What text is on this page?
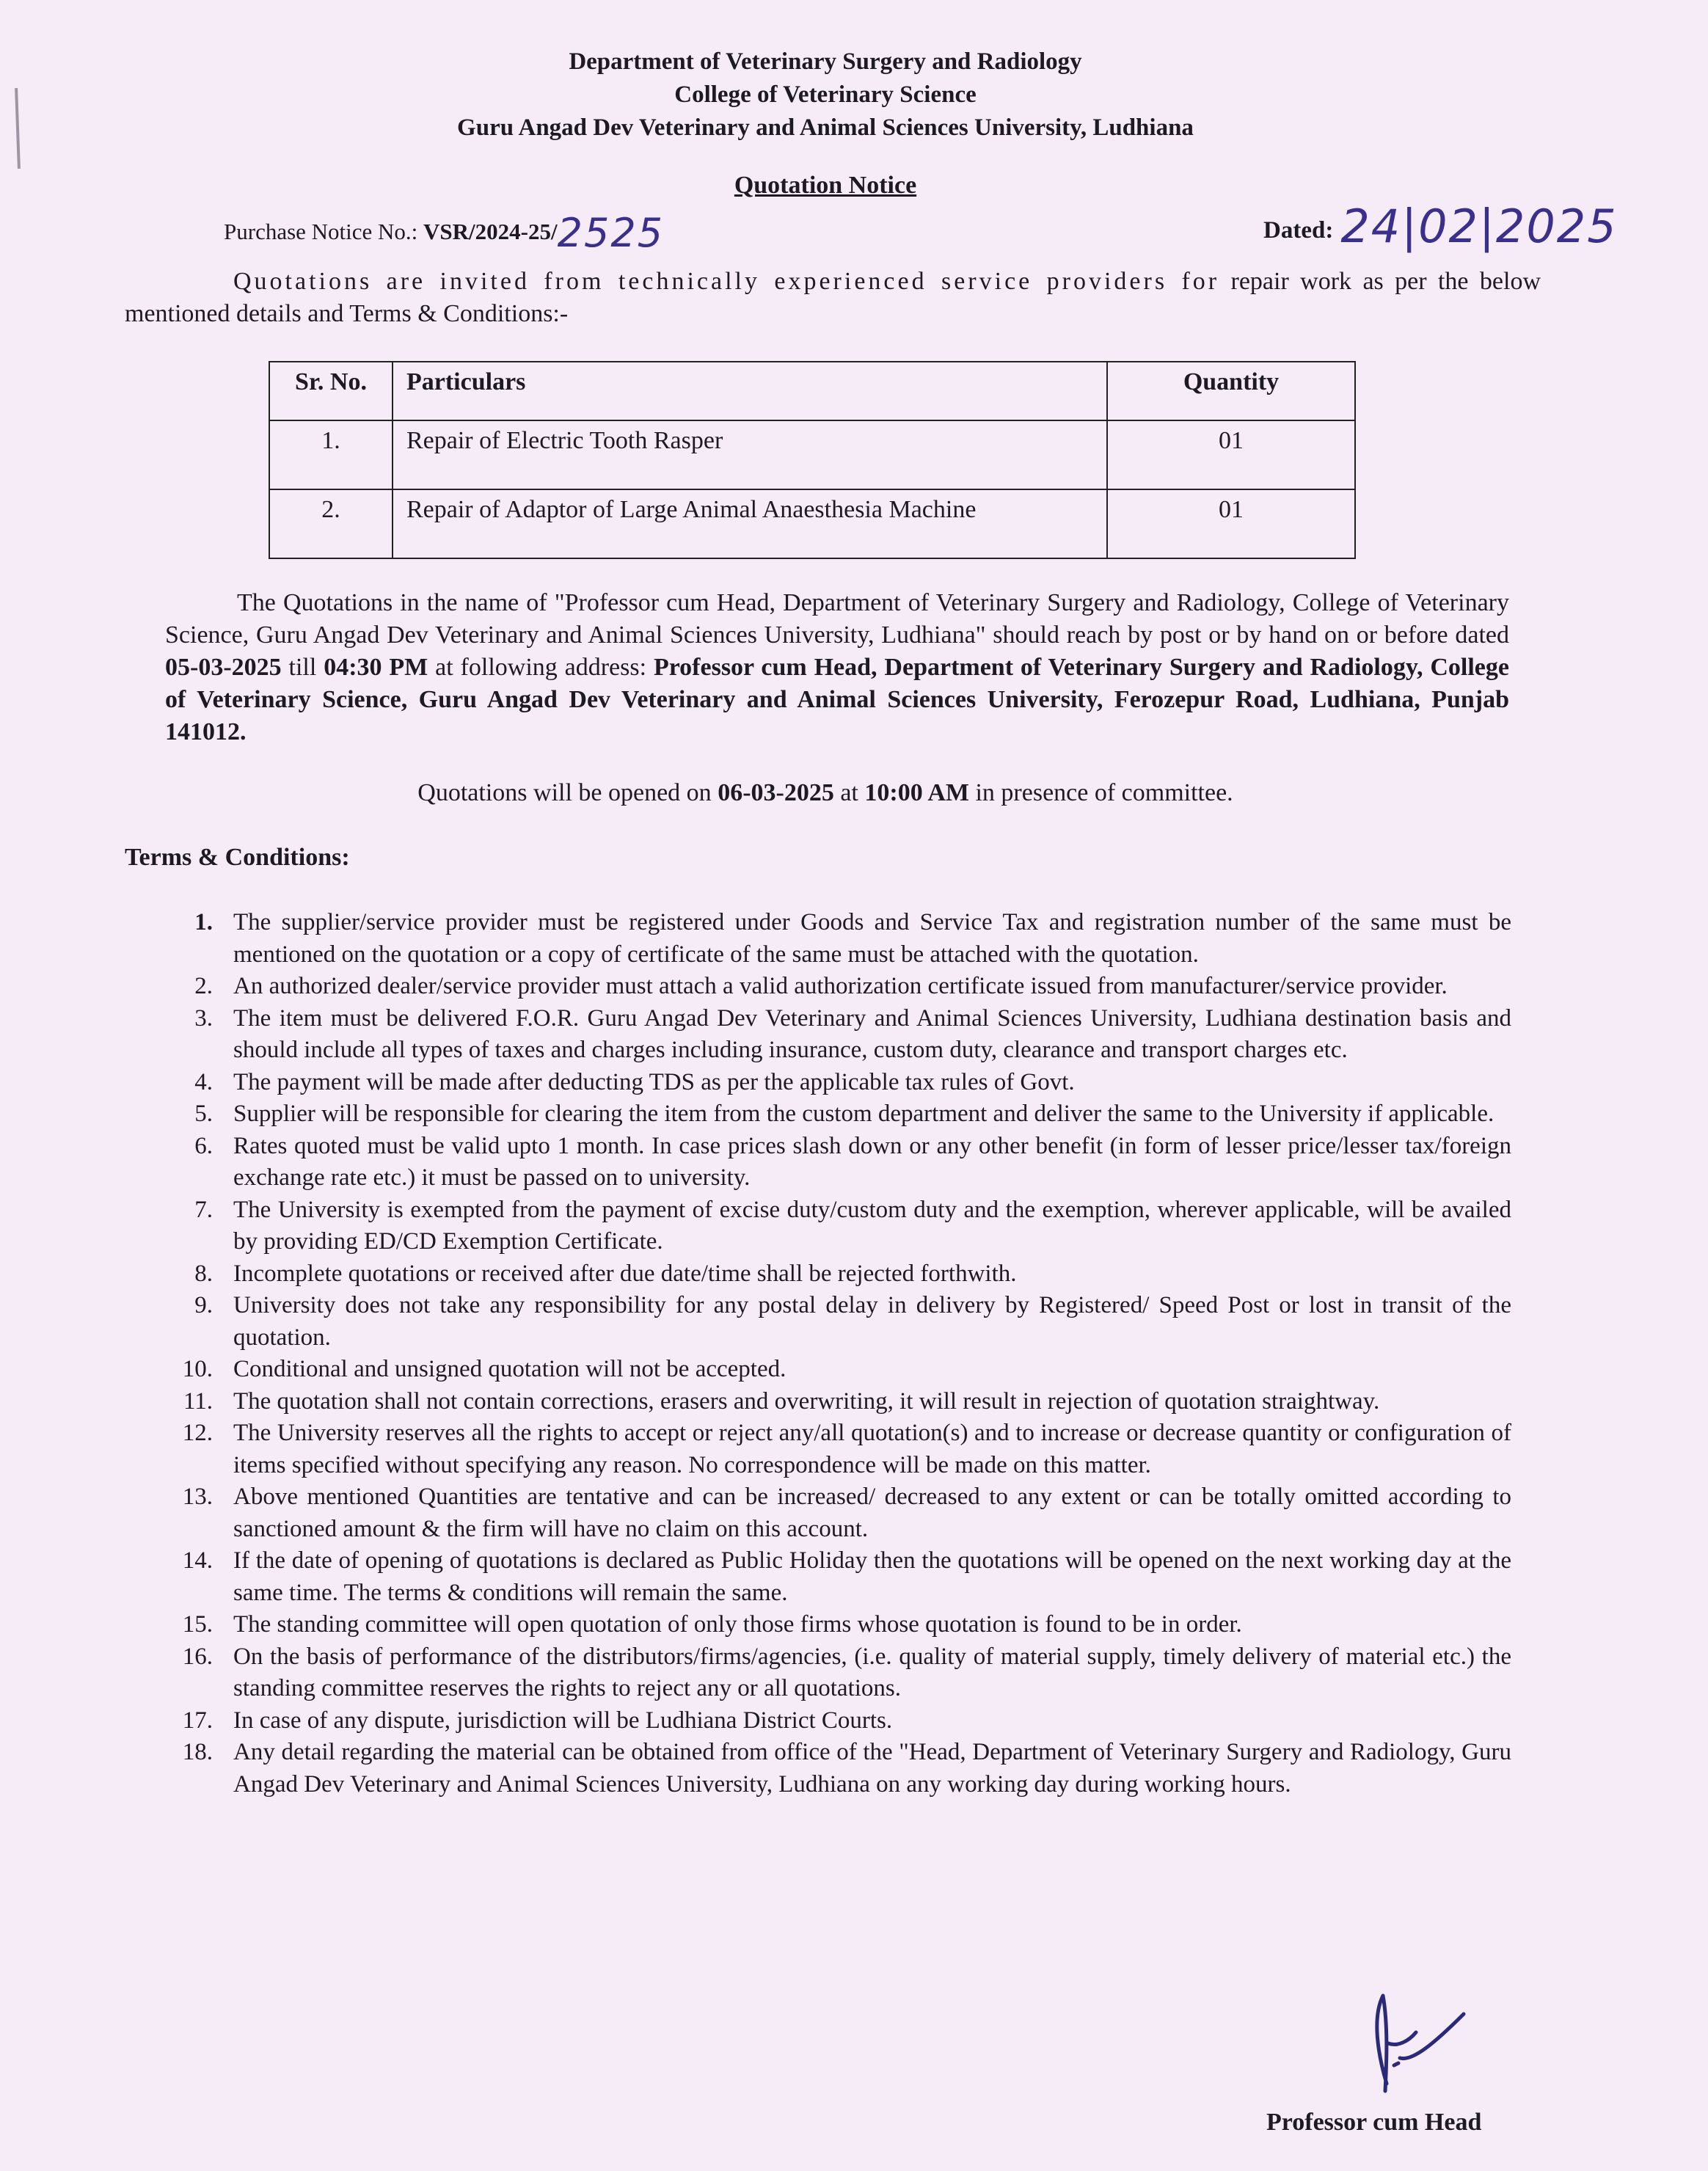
Department of Veterinary Surgery and Radiology
College of Veterinary Science
Guru Angad Dev Veterinary and Animal Sciences University, Ludhiana
Quotation Notice
Purchase Notice No.: VSR/2024-25/2525	Dated: 24|02|2025
Quotations are invited from technically experienced service providers for repair work as per the below mentioned details and Terms & Conditions:-
Sr. No.	Particulars	Quantity
1.	Repair of Electric Tooth Rasper	01
2.	Repair of Adaptor of Large Animal Anaesthesia Machine	01
The Quotations in the name of "Professor cum Head, Department of Veterinary Surgery and Radiology, College of Veterinary Science, Guru Angad Dev Veterinary and Animal Sciences University, Ludhiana" should reach by post or by hand on or before dated 05-03-2025 till 04:30 PM at following address: Professor cum Head, Department of Veterinary Surgery and Radiology, College of Veterinary Science, Guru Angad Dev Veterinary and Animal Sciences University, Ferozepur Road, Ludhiana, Punjab 141012.
Quotations will be opened on 06-03-2025 at 10:00 AM in presence of committee.
Terms & Conditions:
1. The supplier/service provider must be registered under Goods and Service Tax and registration number of the same must be mentioned on the quotation or a copy of certificate of the same must be attached with the quotation.
2. An authorized dealer/service provider must attach a valid authorization certificate issued from manufacturer/service provider.
3. The item must be delivered F.O.R. Guru Angad Dev Veterinary and Animal Sciences University, Ludhiana destination basis and should include all types of taxes and charges including insurance, custom duty, clearance and transport charges etc.
4. The payment will be made after deducting TDS as per the applicable tax rules of Govt.
5. Supplier will be responsible for clearing the item from the custom department and deliver the same to the University if applicable.
6. Rates quoted must be valid upto 1 month. In case prices slash down or any other benefit (in form of lesser price/lesser tax/foreign exchange rate etc.) it must be passed on to university.
7. The University is exempted from the payment of excise duty/custom duty and the exemption, wherever applicable, will be availed by providing ED/CD Exemption Certificate.
8. Incomplete quotations or received after due date/time shall be rejected forthwith.
9. University does not take any responsibility for any postal delay in delivery by Registered/ Speed Post or lost in transit of the quotation.
10. Conditional and unsigned quotation will not be accepted.
11. The quotation shall not contain corrections, erasers and overwriting, it will result in rejection of quotation straightway.
12. The University reserves all the rights to accept or reject any/all quotation(s) and to increase or decrease quantity or configuration of items specified without specifying any reason. No correspondence will be made on this matter.
13. Above mentioned Quantities are tentative and can be increased/ decreased to any extent or can be totally omitted according to sanctioned amount & the firm will have no claim on this account.
14. If the date of opening of quotations is declared as Public Holiday then the quotations will be opened on the next working day at the same time. The terms & conditions will remain the same.
15. The standing committee will open quotation of only those firms whose quotation is found to be in order.
16. On the basis of performance of the distributors/firms/agencies, (i.e. quality of material supply, timely delivery of material etc.) the standing committee reserves the rights to reject any or all quotations.
17. In case of any dispute, jurisdiction will be Ludhiana District Courts.
18. Any detail regarding the material can be obtained from office of the "Head, Department of Veterinary Surgery and Radiology, Guru Angad Dev Veterinary and Animal Sciences University, Ludhiana on any working day during working hours.
Professor cum Head
